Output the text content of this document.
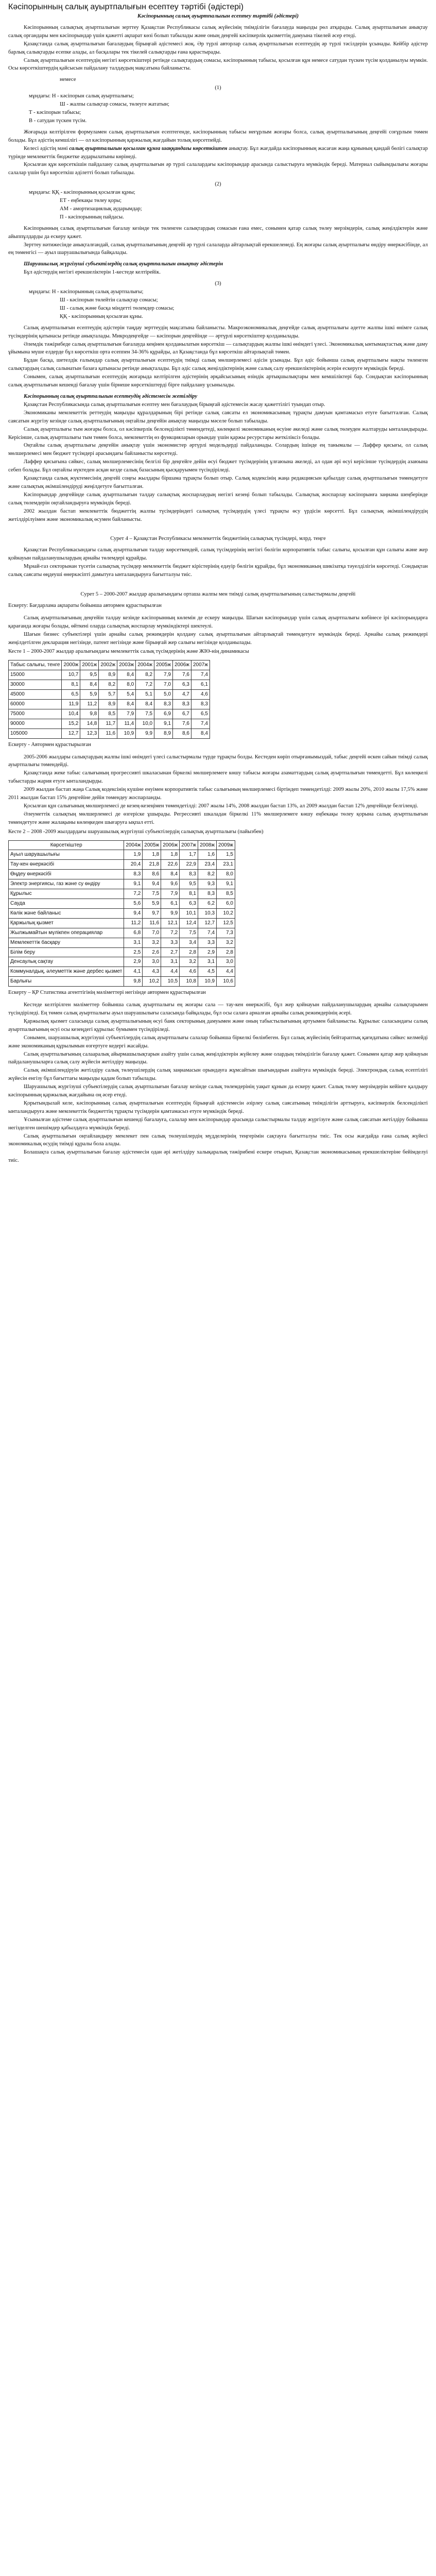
Кәсіпорынның салық ауыртпалығын есептеу тәртібі (әдістері)
Кәсіпорынның салық ауыртпалығын есептеу тәртібі (әдістері)

Кәсіпорынның салықтық ауыртпалығын зерттеу Қазақстан Республикасы салық жүйесінің тиімділігін бағалауда маңызды рөл атқарады. Салық ауыртпалығын анықтау салық органдары мен кәсіпорындар үшін қажетті ақпарат көзі болып табылады және оның деңгейі кәсіпкерлік қызметтің дамуына тікелей әсер етеді.

Қазақстанда салық ауыртпалығын бағалаудың бірыңғай әдістемесі жоқ. Әр түрлі авторлар салық ауыртпалығын есептеудің әр түрлі тәсілдерін ұсынады. Кейбір әдістер барлық салықтарды есепке алады, ал басқалары тек тікелей салықтарды ғана қарастырады.

Салық ауыртпалығын есептеудің негізгі көрсеткіштері ретінде салықтардың сомасы, кәсіпорынның табысы, қосылған құн немесе сатудан түскен түсім қолданылуы мүмкін. Осы көрсеткіштердің қайсысын пайдалану талдаудың мақсатына байланысты.

немесе

(1)

мұндағы: Н - кәсіпорын салық ауыртпалығы;

Ш - жалпы салықтар сомасы, төлеуге жататын;

Т - кәсіпорын табысы;

В - сатудан түскен түсім.

Жоғарыда келтірілген формуламен салық ауыртпалығын есептегенде, кәсіпорынның табысы неғұрлым жоғары болса, салық ауыртпалығының деңгейі соғұрлым төмен болады. Бұл әдістің кемшілігі — ол кәсіпорынның қаржылық жағдайын толық көрсетпейді.

Келесі әдістің мәні салық ауыртпалығын қосылған құнға шаққандағы көрсеткішпен анықтау. Бұл жағдайда кәсіпорынның жасаған жаңа құнының қандай бөлігі салықтар түрінде мемлекеттік бюджетке аударылатыны көрінеді.

Қосылған құн көрсеткішін пайдалану салық ауыртпалығын әр түрлі салалардағы кәсіпорындар арасында салыстыруға мүмкіндік береді. Материал сыйымдылығы жоғары салалар үшін бұл көрсеткіш әділетті болып табылады.

(2)

мұндағы: ҚҚ - кәсіпорынның қосылған құны;

ЕТ - еңбекақы төлеу қоры;

АМ - амортизациялық аударымдар;

П - кәсіпорынның пайдасы.

Кәсіпорынның салық ауыртпалығын бағалау кезінде тек төленген салықтардың сомасын ғана емес, сонымен қатар салық төлеу мерзімдерін, салық жеңілдіктерін және айыппұлдарды да ескеру қажет.

Зерттеу нәтижесінде анықталғандай, салық ауыртпалығының деңгейі әр түрлі салаларда айтарлықтай ерекшеленеді. Ең жоғары салық ауыртпалығы өндіру өнеркәсібінде, ал ең төменгісі — ауыл шаруашылығында байқалады.

Шаруашылық жүргізуші субъектілердің салық ауыртпалығын анықтау әдістерін

Бұл әдістердің негізгі ерекшеліктерін 1-кестеде келтірейік.

(3)

мұндағы: Н - кәсіпорынның салық ауыртпалығы;

Ш - кәсіпорын төлейтін салықтар сомасы;

Ш - салық және басқа міндетті төлемдер сомасы;

ҚҚ - кәсіпорынның қосылған құны.

Салық ауыртпалығын есептеудің әдістерін таңдау зерттеудің мақсатына байланысты. Макроэкономикалық деңгейде салық ауыртпалығы әдетте жалпы ішкі өнімге салық түсімдерінің қатынасы ретінде анықталады. Микродеңгейде — кәсіпорын деңгейінде — әртүрлі көрсеткіштер қолданылады.

Әлемдік тәжірибеде салық ауыртпалығын бағалауда кеңінен қолданылатын көрсеткіш — салықтардың жалпы ішкі өнімдегі үлесі. Экономикалық ынтымақтастық және даму ұйымына мүше елдерде бұл көрсеткіш орта есеппен 34-36% құрайды, ал Қазақстанда бұл көрсеткіш айтарлықтай төмен.

Бұдан басқа, шетелдік ғалымдар салық ауыртпалығын есептеудің тиімді салық мөлшерлемесі әдісін ұсынады. Бұл әдіс бойынша салық ауыртпалығы нақты төленген салықтардың салық салынатын базаға қатынасы ретінде анықталады. Бұл әдіс салық жеңілдіктерінің және салық салу ерекшеліктерінің әсерін ескеруге мүмкіндік береді.

Сонымен, салық ауыртпалығын есептеудің жоғарыда келтірілген әдістерінің әрқайсысының өзіндік артықшылықтары мен кемшіліктері бар. Сондықтан кәсіпорынның салық ауыртпалығын кешенді бағалау үшін бірнеше көрсеткіштерді бірге пайдалану ұсынылады.

Кәсіпорынның салық ауыртпалығын есептеудің әдістемесін жетілдіру

Қазақстан Республикасында салық ауыртпалығын есептеу мен бағалаудың бірыңғай әдістемесін жасау қажеттілігі туындап отыр.

Экономиканы мемлекеттік реттеудің маңызды құралдарының бірі ретінде салық саясаты ел экономикасының тұрақты дамуын қамтамасыз етуге бағытталған. Салық саясатын жүргізу кезінде салық ауыртпалығының оңтайлы деңгейін анықтау маңызды мәселе болып табылады.

Салық ауыртпалығы тым жоғары болса, ол кәсіпкерлік белсенділікті төмендетеді, көлеңкелі экономиканың өсуіне әкеледі және салық төлеуден жалтаруды ынталандырады. Керісінше, салық ауыртпалығы тым төмен болса, мемлекеттің өз функцияларын орындау үшін қаржы ресурстары жеткіліксіз болады.

Оңтайлы салық ауыртпалығы деңгейін анықтау үшін экономистер әртүрлі модельдерді пайдаланады. Солардың ішінде ең танымалы — Лаффер қисығы, ол салық мөлшерлемесі мен бюджет түсімдері арасындағы байланысты көрсетеді.

Лаффер қисығына сәйкес, салық мөлшерлемесінің белгілі бір деңгейге дейін өсуі бюджет түсімдерінің ұлғаюына әкеледі, ал одан әрі өсуі керісінше түсімдердің азаюына себеп болады. Бұл оңтайлы нүктеден асқан кезде салық базасының қысқаруымен түсіндіріледі.

Қазақстанда салық жүктемесінің деңгейі соңғы жылдары біршама тұрақты болып отыр. Салық кодексінің жаңа редакциясын қабылдау салық ауыртпалығын төмендетуге және салықтық әкімшілендіруді жеңілдетуге бағытталған.

Кәсіпорындар деңгейінде салық ауыртпалығын талдау салықтық жоспарлаудың негізгі кезеңі болып табылады. Салықтық жоспарлау кәсіпорынға заңнама шеңберінде салық төлемдерін оңтайландыруға мүмкіндік береді.

2002 жылдан бастап мемлекеттік бюджеттің жалпы түсімдеріндегі салықтық түсімдердің үлесі тұрақты өсу үрдісін көрсетті. Бұл салықтық әкімшілендірудің жетілдірілуімен және экономикалық өсумен байланысты.

Сурет 4 – Қазақстан Республикасы мемлекеттік бюджетінің салықтық түсімдері, млрд. теңге

Қазақстан Республикасындағы салық ауыртпалығын талдау көрсеткендей, салық түсімдерінің негізгі бөлігін корпоративтік табыс салығы, қосылған құн салығы және жер қойнауын пайдаланушылардың арнайы төлемдері құрайды.

Мұнай-газ секторынан түсетін салықтық түсімдер мемлекеттік бюджет кірістерінің едәуір бөлігін құрайды, бұл экономиканың шикізатқа тәуелділігін көрсетеді. Сондықтан салық саясаты өңдеуші өнеркәсіпті дамытуға ынталандыруға бағытталуы тиіс.

Сурет 5 – 2000-2007 жылдар аралығындағы орташа жалпы мен тиімді салық ауыртпалығының салыстырмалы деңгейі

Ескерту: Бағдарлама ақпараты бойынша автормен құрастырылған

Салық ауыртпалығының деңгейін талдау кезінде кәсіпорынның көлемін де ескеру маңызды. Шағын кәсіпорындар үшін салық ауыртпалығы көбінесе ірі кәсіпорындарға қарағанда жоғары болады, өйткені оларда салықтық жоспарлау мүмкіндіктері шектеулі.

Шағын бизнес субъектілері үшін арнайы салық режимдерін қолдану салық ауыртпалығын айтарлықтай төмендетуге мүмкіндік береді. Арнайы салық режимдері жеңілдетілген декларация негізінде, патент негізінде және бірыңғай жер салығы негізінде қолданылады.

Кесте 1 – 2000-2007 жылдар аралығындағы мемлекеттік салық түсімдерінің және ЖІӨ-нің динамикасы

Табыс салығы, тенге	2000ж	2001ж	2002ж	2003ж	2004ж	2005ж	2006ж	2007ж
15000	10,7	9,5	8,9	8,4	8,2	7,9	7,6	7,4
30000	8,1	8,4	8,2	8,0	7,2	7,0	6,3	6,1
45000	6,5	5,9	5,7	5,4	5,1	5,0	4,7	4,6
60000	11,9	11,2	8,9	8,4	8,4	8,3	8,3	8,3
75000	10,4	9,8	8,5	7,9	7,5	6,9	6,7	6,5
90000	15,2	14,8	11,7	11,4	10,0	9,1	7,6	7,4
105000	12,7	12,3	11,6	10,9	9,9	8,9	8,6	8,4

Ескерту - Автормен құрастырылған

2005-2006 жылдары салықтардың жалпы ішкі өнімдегі үлесі салыстырмалы түрде тұрақты болды. Кестеден көріп отырғанымыздай, табыс деңгейі өскен сайын тиімді салық ауыртпалығы төмендейді.

Қазақстанда жеке табыс салығының прогрессивті шкаласынан біркелкі мөлшерлемеге көшу табысы жоғары азаматтардың салық ауыртпалығын төмендетті. Бұл көлеңкелі табыстарды жария етуге ынталандырды.

2009 жылдан бастап жаңа Салық кодексінің күшіне енуімен корпоративтік табыс салығының мөлшерлемесі біртіндеп төмендетілді: 2009 жылы 20%, 2010 жылы 17,5% және 2011 жылдан бастап 15% деңгейіне дейін төмендеу жоспарланды.

Қосылған құн салығының мөлшерлемесі де кезең-кезеңімен төмендетілді: 2007 жылы 14%, 2008 жылдан бастап 13%, ал 2009 жылдан бастап 12% деңгейінде белгіленді.

Әлеуметтік салықтың мөлшерлемесі де өзгеріске ұшырады. Регрессивті шкаладан біркелкі 11% мөлшерлемеге көшу еңбекақы төлеу қорына салық ауыртпалығын төмендетуге және жалақыны көлеңкеден шығаруға ықпал етті.

Кесте 2 – 2008 -2009 жылдардағы шаруашылық жүргізуші субъектілердің салықтық ауыртпалығы (пайызбен)

Көрсеткіштер	2004ж	2005ж	2006ж	2007ж	2008ж	2009ж
Ауыл шаруашылығы	1,9	1,8	1,8	1,7	1,6	1,5
Тау-кен өнеркәсібі	20,4	21,8	22,6	22,9	23,4	23,1
Өңдеу өнеркәсібі	8,3	8,6	8,4	8,3	8,2	8,0
Электр энергиясы, газ және су өндіру	9,1	9,4	9,6	9,5	9,3	9,1
Құрылыс	7,2	7,5	7,9	8,1	8,3	8,5
Сауда	5,6	5,9	6,1	6,3	6,2	6,0
Көлік және байланыс	9,4	9,7	9,9	10,1	10,3	10,2
Қаржылық қызмет	11,2	11,6	12,1	12,4	12,7	12,5
Жылжымайтын мүлікпен операциялар	6,8	7,0	7,2	7,5	7,4	7,3
Мемлекеттік басқару	3,1	3,2	3,3	3,4	3,3	3,2
Білім беру	2,5	2,6	2,7	2,8	2,9	2,8
Денсаулық сақтау	2,9	3,0	3,1	3,2	3,1	3,0
Коммуналдық, әлеуметтік және дербес қызмет	4,1	4,3	4,4	4,6	4,5	4,4
Барлығы	9,8	10,2	10,5	10,8	10,9	10,6

Ескерту – ҚР Статистика агенттігінің мәліметтері негізінде автормен құрастырылған

Кестеде келтірілген мәліметтер бойынша салық ауыртпалығы ең жоғары сала — тау-кен өнеркәсібі, бұл жер қойнауын пайдаланушылардың арнайы салықтарымен түсіндіріледі. Ең төмен салық ауыртпалығы ауыл шаруашылығы саласында байқалады, бұл осы салаға арналған арнайы салық режимдерінің әсері.

Қаржылық қызмет саласында салық ауыртпалығының өсуі банк секторының дамуымен және оның табыстылығының артуымен байланысты. Құрылыс саласындағы салық ауыртпалығының өсуі осы кезеңдегі құрылыс бумымен түсіндіріледі.

Сонымен, шаруашылық жүргізуші субъектілердің салық ауыртпалығы салалар бойынша біркелкі бөлінбеген. Бұл салық жүйесінің бейтараптық қағидатына сәйкес келмейді және экономиканың құрылымын өзгертуге кедергі жасайды.

Салық ауыртпалығының салааралық айырмашылықтарын азайту үшін салық жеңілдіктерін жүйелеу және олардың тиімділігін бағалау қажет. Сонымен қатар жер қойнауын пайдаланушыларға салық салу жүйесін жетілдіру маңызды.

Салық әкімшілендіруін жетілдіру салық төлеушілердің салық заңнамасын орындауға жұмсайтын шығындарын азайтуға мүмкіндік береді. Электрондық салық есептілігі жүйесін енгізу бұл бағыттағы маңызды қадам болып табылады.

Шаруашылық жүргізуші субъектілердің салық ауыртпалығын бағалау кезінде салық төлемдерінің уақыт құнын да ескеру қажет. Салық төлеу мерзімдерін кейінге қалдыру кәсіпорынның қаржылық жағдайына оң әсер етеді.

Қорытындылай келе, кәсіпорынның салық ауыртпалығын есептеудің бірыңғай әдістемесін әзірлеу салық саясатының тиімділігін арттыруға, кәсіпкерлік белсенділікті ынталандыруға және мемлекеттік бюджеттің тұрақты түсімдерін қамтамасыз етуге мүмкіндік береді.

Ұсынылған әдістеме салық ауыртпалығын кешенді бағалауға, салалар мен кәсіпорындар арасында салыстырмалы талдау жүргізуге және салық саясатын жетілдіру бойынша негізделген шешімдер қабылдауға мүмкіндік береді.

Салық ауыртпалығын оңтайландыру мемлекет пен салық төлеушілердің мүдделерінің теңгерімін сақтауға бағытталуы тиіс. Тек осы жағдайда ғана салық жүйесі экономикалық өсудің тиімді құралы бола алады.

Болашақта салық ауыртпалығын бағалау әдістемесін одан әрі жетілдіру халықаралық тәжірибені ескере отырып, Қазақстан экономикасының ерекшеліктеріне бейімделуі тиіс.
